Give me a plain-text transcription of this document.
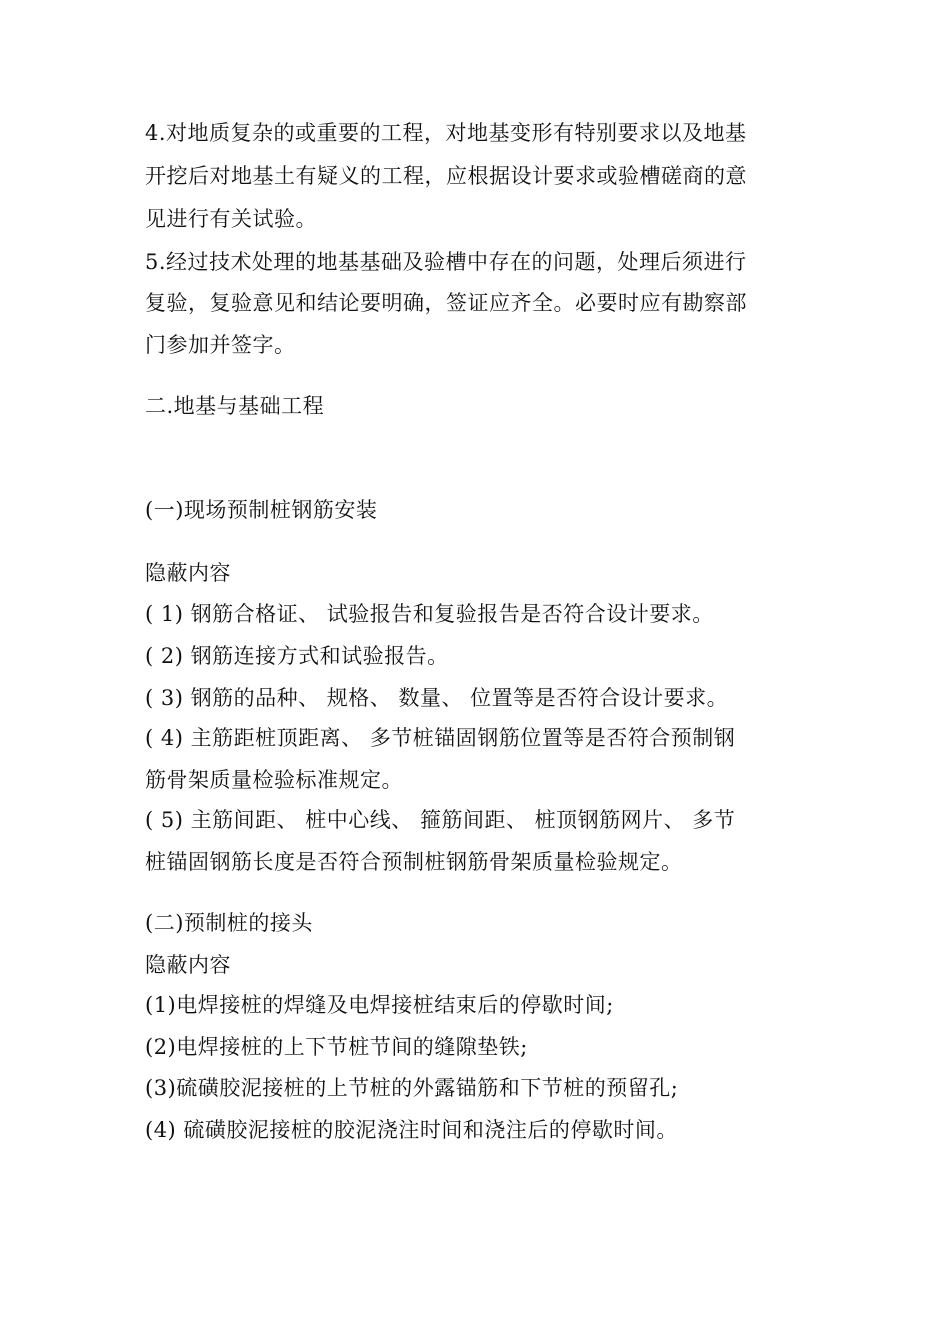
4.对地质复杂的或重要的工程，对地基变形有特别要求以及地基
开挖后对地基土有疑义的工程，应根据设计要求或验槽磋商的意
见进行有关试验。
5.经过技术处理的地基基础及验槽中存在的问题，处理后须进行
复验，复验意见和结论要明确，签证应齐全。必要时应有勘察部
门参加并签字。
二.地基与基础工程
(一)现场预制桩钢筋安装
隐蔽内容
( 1) 钢筋合格证、 试验报告和复验报告是否符合设计要求。
( 2) 钢筋连接方式和试验报告。
( 3) 钢筋的品种、 规格、 数量、 位置等是否符合设计要求。
( 4) 主筋距桩顶距离、 多节桩锚固钢筋位置等是否符合预制钢
筋骨架质量检验标准规定。
( 5) 主筋间距、 桩中心线、 箍筋间距、 桩顶钢筋网片、 多节
桩锚固钢筋长度是否符合预制桩钢筋骨架质量检验规定。
(二)预制桩的接头
隐蔽内容
(1)电焊接桩的焊缝及电焊接桩结束后的停歇时间;
(2)电焊接桩的上下节桩节间的缝隙垫铁;
(3)硫磺胶泥接桩的上节桩的外露锚筋和下节桩的预留孔;
(4) 硫磺胶泥接桩的胶泥浇注时间和浇注后的停歇时间。
